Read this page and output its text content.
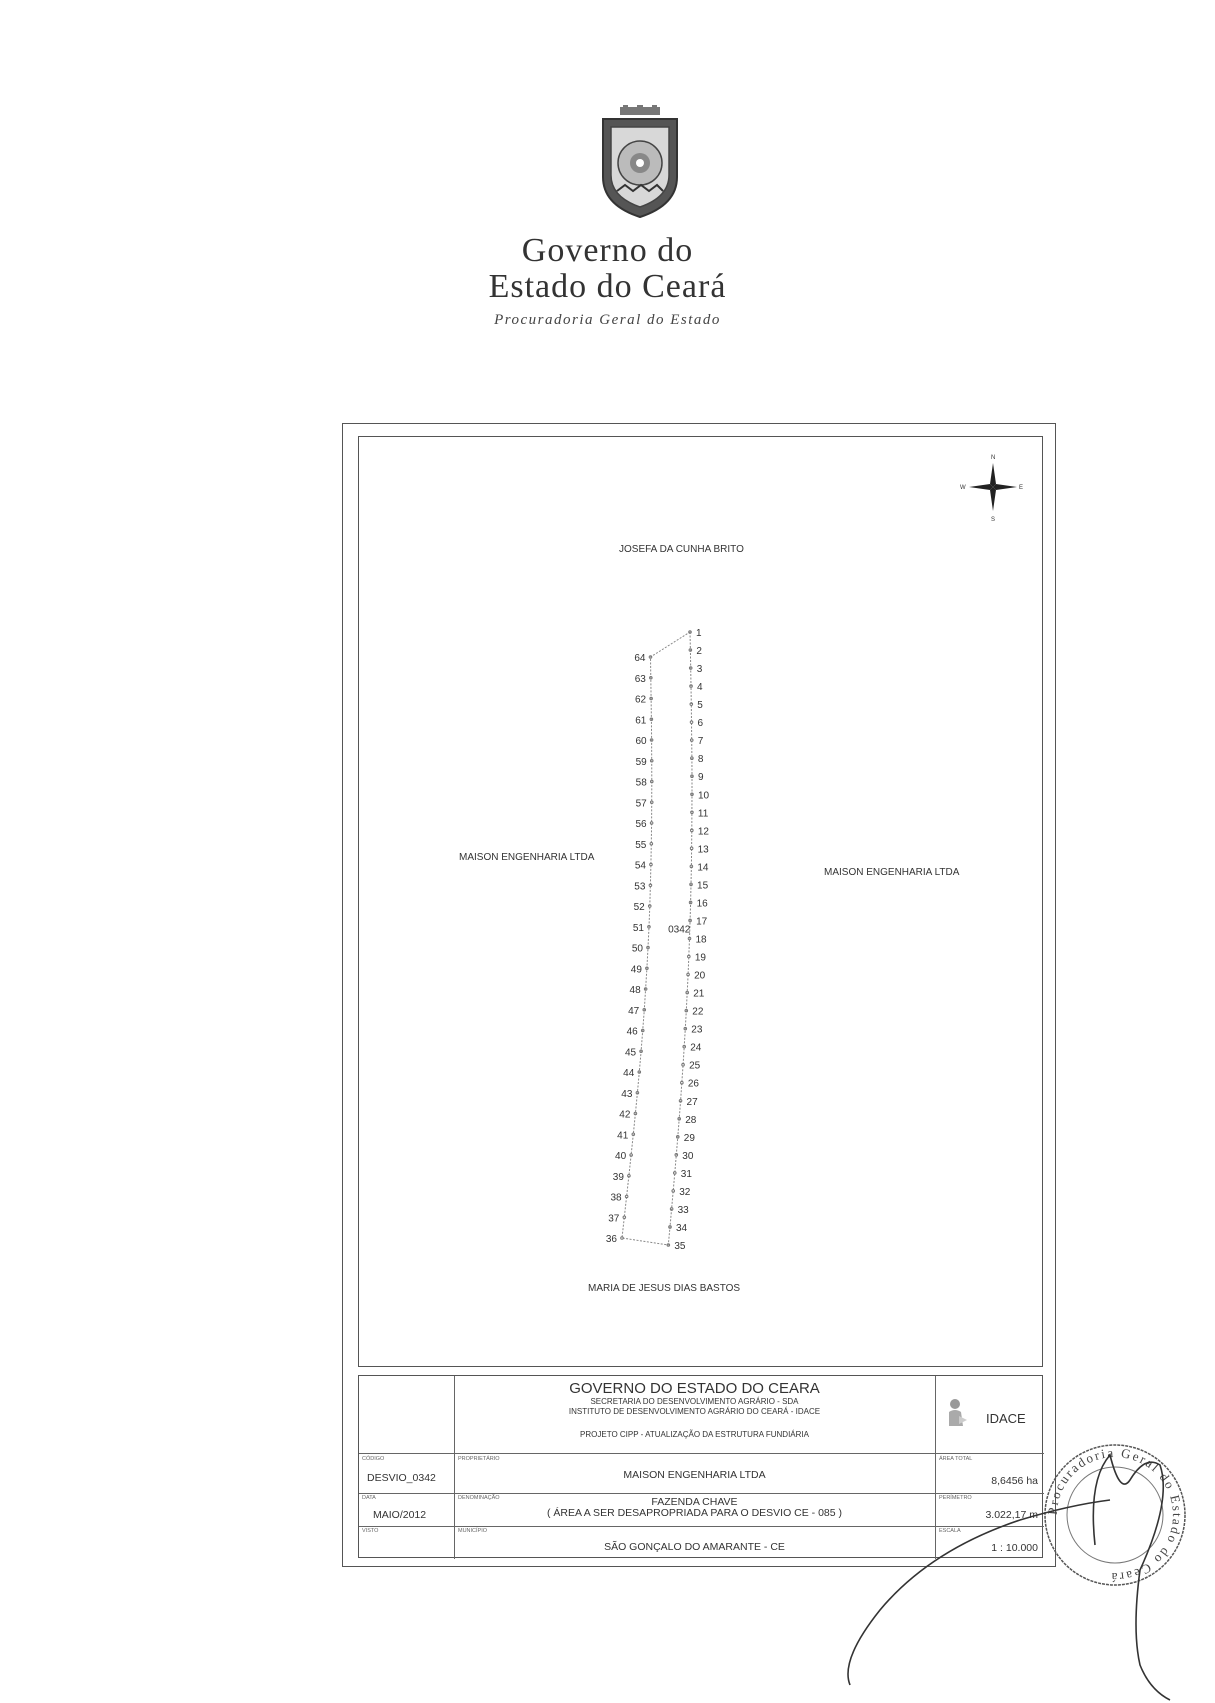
Governo do
Estado do Ceará
Procuradoria Geral do Estado
N
S
E
W
1
2
3
4
5
6
7
8
9
10
11
12
13
14
15
16
17
18
19
20
21
22
23
24
25
26
27
28
29
30
31
32
33
34
35
36
37
38
39
40
41
42
43
44
45
46
47
48
49
50
51
52
53
54
55
56
57
58
59
60
61
62
63
64
0342
JOSEFA DA CUNHA BRITO
MAISON ENGENHARIA LTDA
MAISON ENGENHARIA LTDA
MARIA DE JESUS DIAS BASTOS
GOVERNO DO ESTADO DO CEARA
SECRETARIA DO DESENVOLVIMENTO AGRÁRIO - SDA
INSTITUTO DE DESENVOLVIMENTO AGRÁRIO DO CEARÁ - IDACE
PROJETO CIPP - ATUALIZAÇÃO DA ESTRUTURA FUNDIÁRIA
IDACE
CÓDIGO
DESVIO_0342
PROPRIETÁRIO
MAISON ENGENHARIA LTDA
ÁREA TOTAL
8,6456 ha
DATA
MAIO/2012
DENOMINAÇÃO	FAZENDA CHAVE
( ÁREA A SER DESAPROPRIADA PARA O DESVIO CE - 085 )
PERÍMETRO
3.022,17 m
VISTO	MUNICÍPIO
SÃO GONÇALO DO AMARANTE - CE
ESCALA
1 : 10.000
Procuradoria Geral do Estado do Ceará
